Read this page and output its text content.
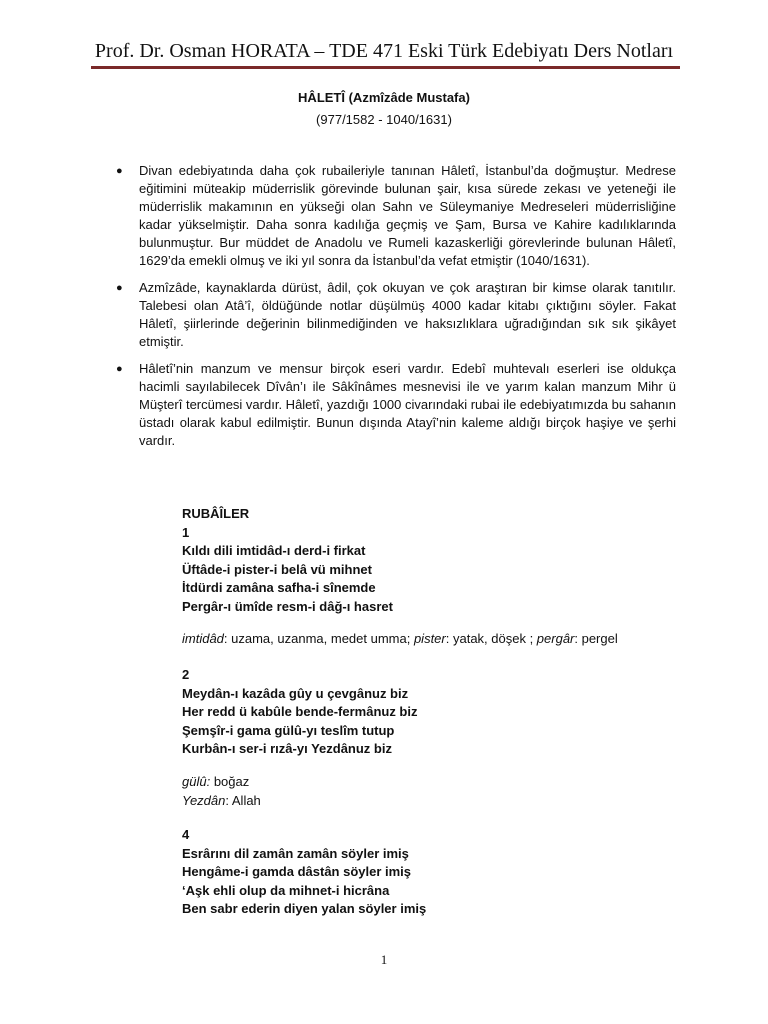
Prof. Dr. Osman HORATA – TDE 471 Eski Türk Edebiyatı Ders Notları
HÂLETÎ (Azmîzâde Mustafa)
(977/1582 - 1040/1631)
● Divan edebiyatında daha çok rubaileriyle tanınan Hâletî, İstanbul’da doğmuştur. Medrese eğitimini müteakip müderrislik görevinde bulunan şair, kısa sürede zekası ve yeteneği ile müderrislik makamının en yükseği olan Sahn ve Süleymaniye Medreseleri müderrisliğine kadar yükselmiştir. Daha sonra kadılığa geçmiş ve Şam, Bursa ve Kahire kadılıklarında bulunmuştur. Bur müddet de Anadolu ve Rumeli kazaskerliği görevlerinde bulunan Hâletî, 1629’da emekli olmuş ve iki yıl sonra da İstanbul’da vefat etmiştir (1040/1631).
● Azmîzâde, kaynaklarda dürüst, âdil, çok okuyan ve çok araştıran bir kimse olarak tanıtılır. Talebesi olan Atâ’î, öldüğünde notlar düşülmüş 4000 kadar kitabı çıktığını söyler. Fakat Hâletî, şiirlerinde değerinin bilinmediğinden ve haksızlıklara uğradığından sık sık şikâyet etmiştir.
● Hâletî’nin manzum ve mensur birçok eseri vardır. Edebî muhtevalı eserleri ise oldukça hacimli sayılabilecek Dîvân’ı ile Sâkînâmes mesnevisi ile ve yarım kalan manzum Mihr ü Müşterî tercümesi vardır. Hâletî, yazdığı 1000 civarındaki rubai ile edebiyatımızda bu sahanın üstadı olarak kabul edilmiştir. Bunun dışında Atayî’nin kaleme aldığı birçok haşiye ve şerhi vardır.
RUBÂÎLER
1
Kıldı dili imtidâd-ı derd-i firkat
Üftâde-i pister-i belâ vü mihnet
İtdürdi zamâna safha-i sînemde
Pergâr-ı ümîde resm-i dâğ-ı hasret
imtidâd: uzama, uzanma, medet umma; pister: yatak, döşek ; pergâr: pergel
2
Meydân-ı kazâda gûy u çevgânuz biz
Her redd ü kabûle bende-fermânuz biz
Şemşîr-i gama gülû-yı teslîm tutup
Kurbân-ı ser-i rızâ-yı Yezdânuz biz
gülû: boğaz
Yezdân: Allah
4
Esrârını dil zamân zamân söyler imiş
Hengâme-i gamda dâstân söyler imiş
‘Aşk ehli olup da mihnet-i hicrâna
Ben sabr ederin diyen yalan söyler imiş
1
